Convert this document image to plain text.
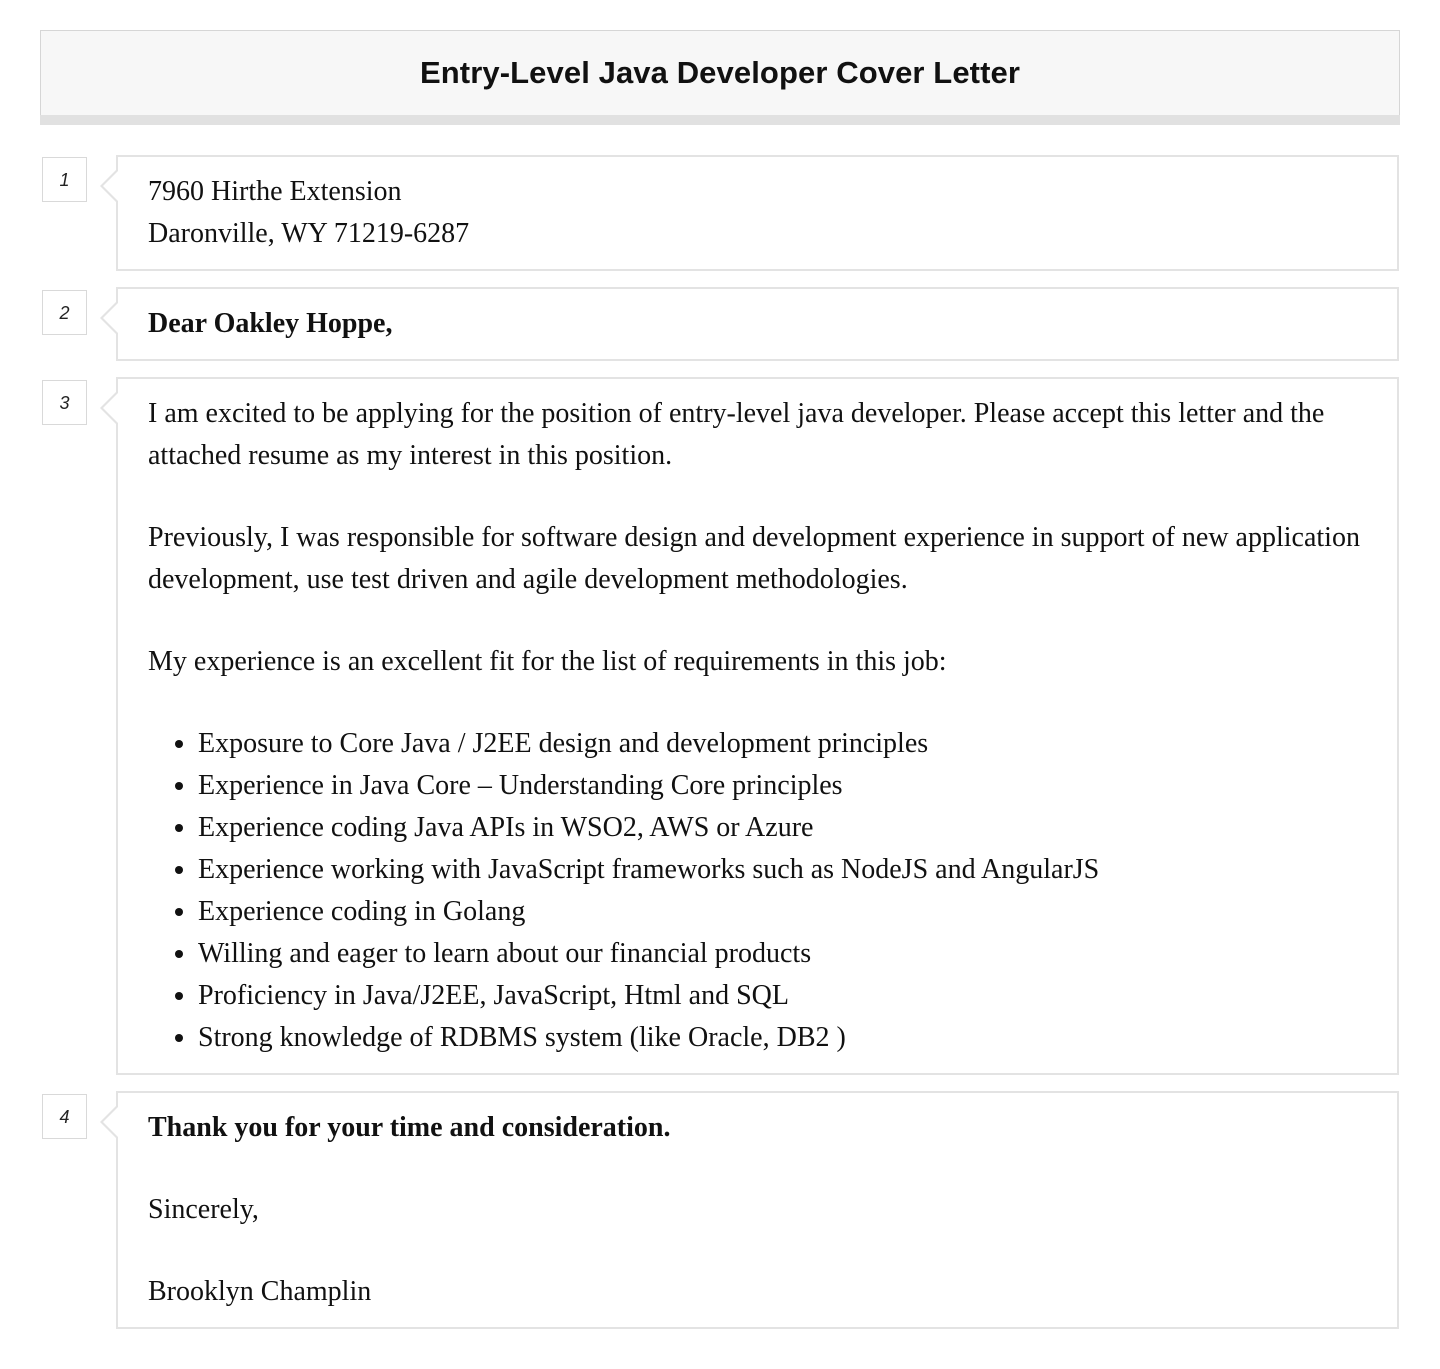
Entry-Level Java Developer Cover Letter
1	7960 Hirthe Extension

Daronville, WY 71219-6287

2	Dear Oakley Hoppe,

3	I am excited to be applying for the position of entry-level java developer. Please accept this letter and the attached resume as my interest in this position.

Previously, I was responsible for software design and development experience in support of new application development, use test driven and agile development methodologies.

My experience is an excellent fit for the list of requirements in this job:

• Exposure to Core Java / J2EE design and development principles
• Experience in Java Core – Understanding Core principles
• Experience coding Java APIs in WSO2, AWS or Azure
• Experience working with JavaScript frameworks such as NodeJS and AngularJS
• Experience coding in Golang
• Willing and eager to learn about our financial products
• Proficiency in Java/J2EE, JavaScript, Html and SQL
• Strong knowledge of RDBMS system (like Oracle, DB2 )
4	Thank you for your time and consideration.

Sincerely,

Brooklyn Champlin
